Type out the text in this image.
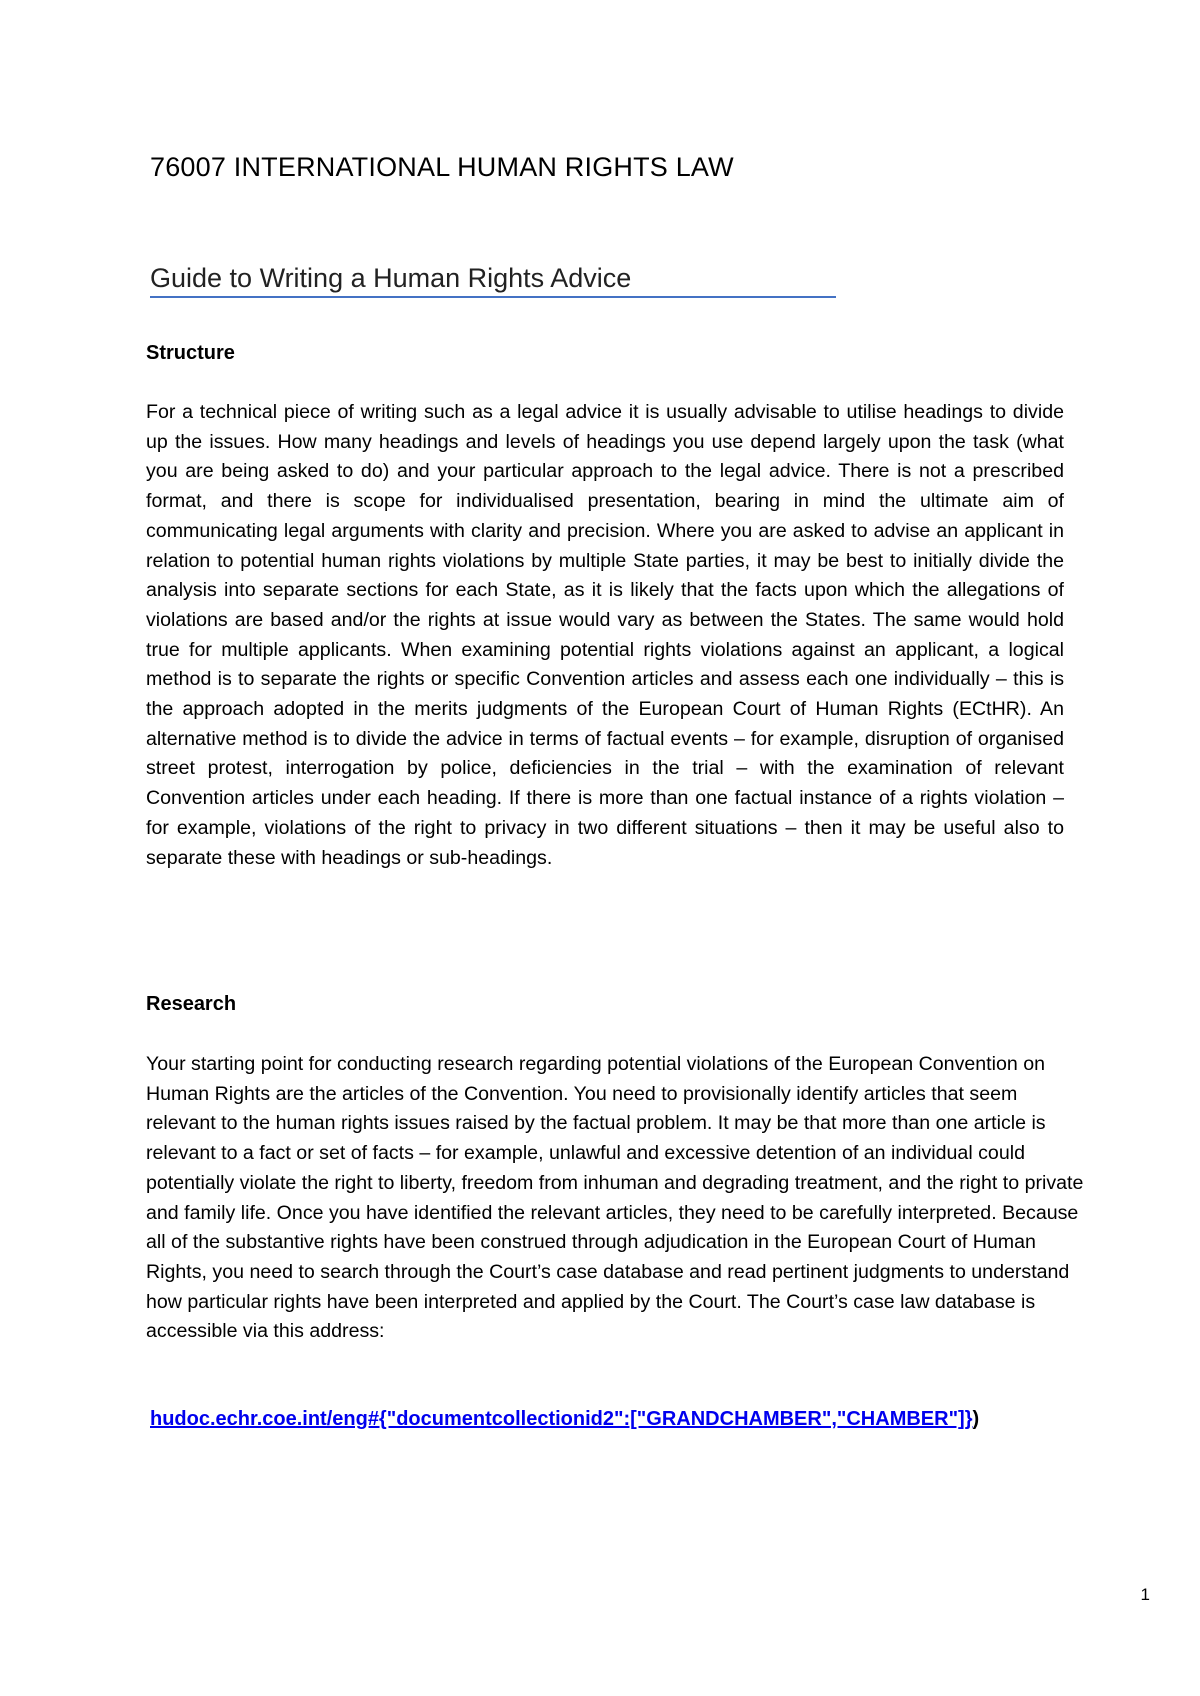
76007 INTERNATIONAL HUMAN RIGHTS LAW
Guide to Writing a Human Rights Advice
Structure

For a technical piece of writing such as a legal advice it is usually advisable to utilise headings to divide up the issues. How many headings and levels of headings you use depend largely upon the task (what you are being asked to do) and your particular approach to the legal advice. There is not a prescribed format, and there is scope for individualised presentation, bearing in mind the ultimate aim of communicating legal arguments with clarity and precision. Where you are asked to advise an applicant in relation to potential human rights violations by multiple State parties, it may be best to initially divide the analysis into separate sections for each State, as it is likely that the facts upon which the allegations of violations are based and/or the rights at issue would vary as between the States. The same would hold true for multiple applicants. When examining potential rights violations against an applicant, a logical method is to separate the rights or specific Convention articles and assess each one individually – this is the approach adopted in the merits judgments of the European Court of Human Rights (ECtHR). An alternative method is to divide the advice in terms of factual events – for example, disruption of organised street protest, interrogation by police, deficiencies in the trial – with the examination of relevant Convention articles under each heading. If there is more than one factual instance of a rights violation – for example, violations of the right to privacy in two different situations – then it may be useful also to separate these with headings or sub-headings.

Research

Your starting point for conducting research regarding potential violations of the European Convention on Human Rights are the articles of the Convention. You need to provisionally identify articles that seem relevant to the human rights issues raised by the factual problem. It may be that more than one article is relevant to a fact or set of facts – for example, unlawful and excessive detention of an individual could potentially violate the right to liberty, freedom from inhuman and degrading treatment, and the right to private and family life. Once you have identified the relevant articles, they need to be carefully interpreted. Because all of the substantive rights have been construed through adjudication in the European Court of Human Rights, you need to search through the Court’s case database and read pertinent judgments to understand how particular rights have been interpreted and applied by the Court. The Court’s case law database is accessible via this address:

hudoc.echr.coe.int/eng#{"documentcollectionid2":["GRANDCHAMBER","CHAMBER"]})

1
